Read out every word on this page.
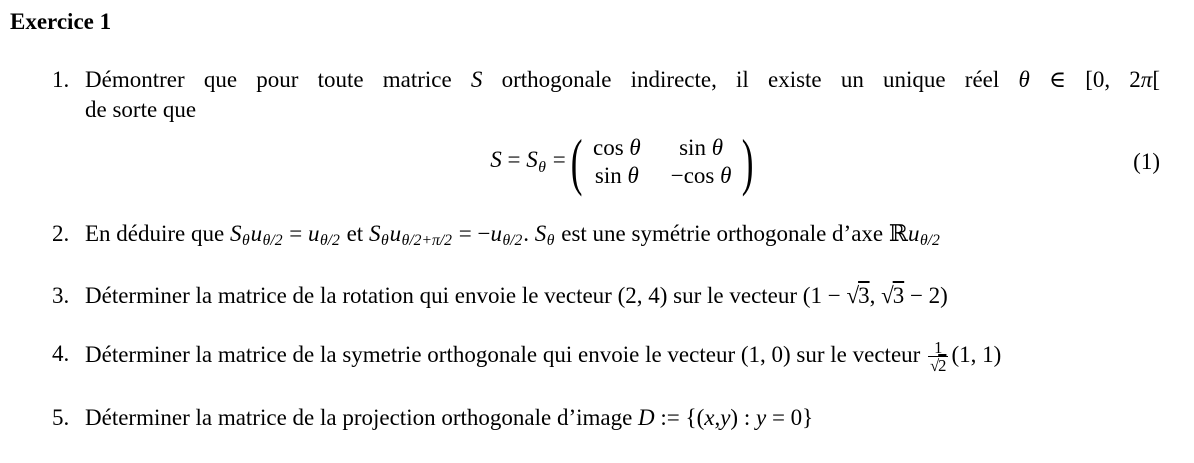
Exercice 1
1. Démontrer que pour toute matrice S orthogonale indirecte, il existe un unique réel θ ∈ [0, 2π[
de sorte que
S = Sθ = ( cos θ sin θ
sin θ −cos θ )	(1)
2. En déduire que Sθuθ/2 = uθ/2 et Sθuθ/2+π/2 = −uθ/2. Sθ est une symétrie orthogonale d’axe ℝuθ/2
3. Déterminer la matrice de la rotation qui envoie le vecteur (2, 4) sur le vecteur (1 − √3, √3 − 2)
4. Déterminer la matrice de la symetrie orthogonale qui envoie le vecteur (1, 0) sur le vecteur $\frac{1}{√2} (1$, 1)
5. Déterminer la matrice de la projection orthogonale d’image D := {(x,y) : y = 0}
